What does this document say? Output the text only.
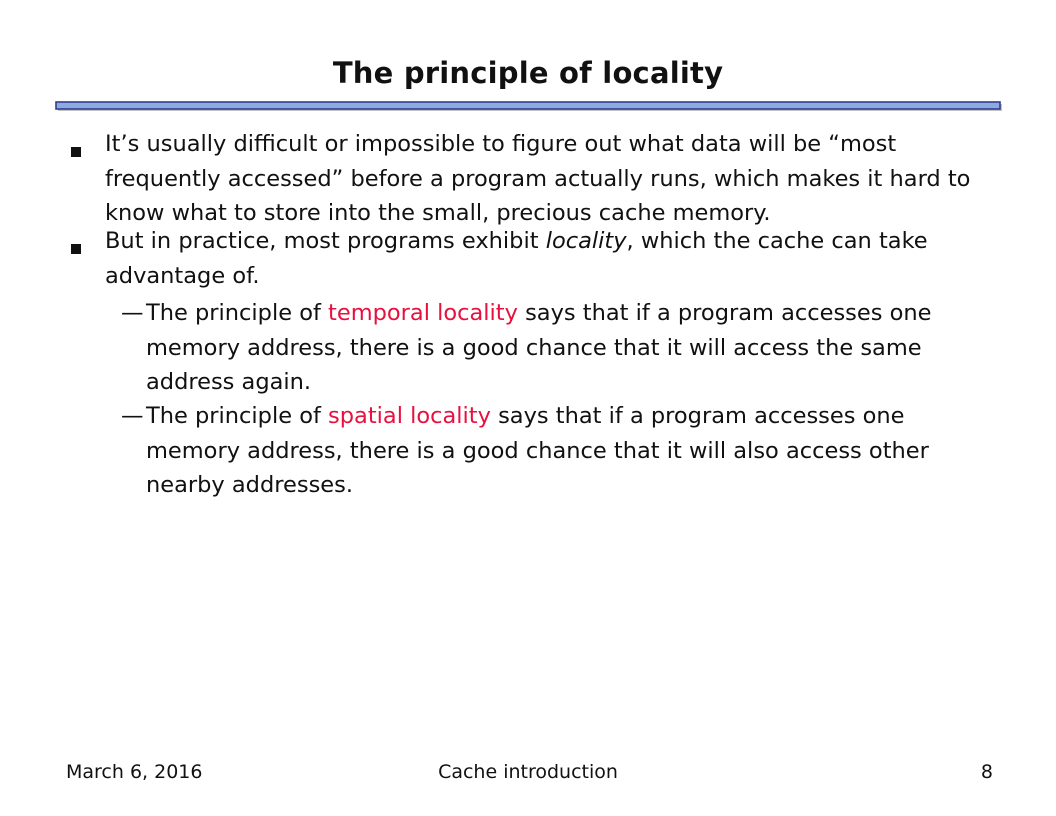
The principle of locality
It’s usually difficult or impossible to figure out what data will be “most frequently accessed” before a program actually runs, which makes it hard to know what to store into the small, precious cache memory.
But in practice, most programs exhibit locality, which the cache can take advantage of.
— The principle of temporal locality says that if a program accesses one memory address, there is a good chance that it will access the same address again.
— The principle of spatial locality says that if a program accesses one memory address, there is a good chance that it will also access other nearby addresses.
March 6, 2016	Cache introduction	8
